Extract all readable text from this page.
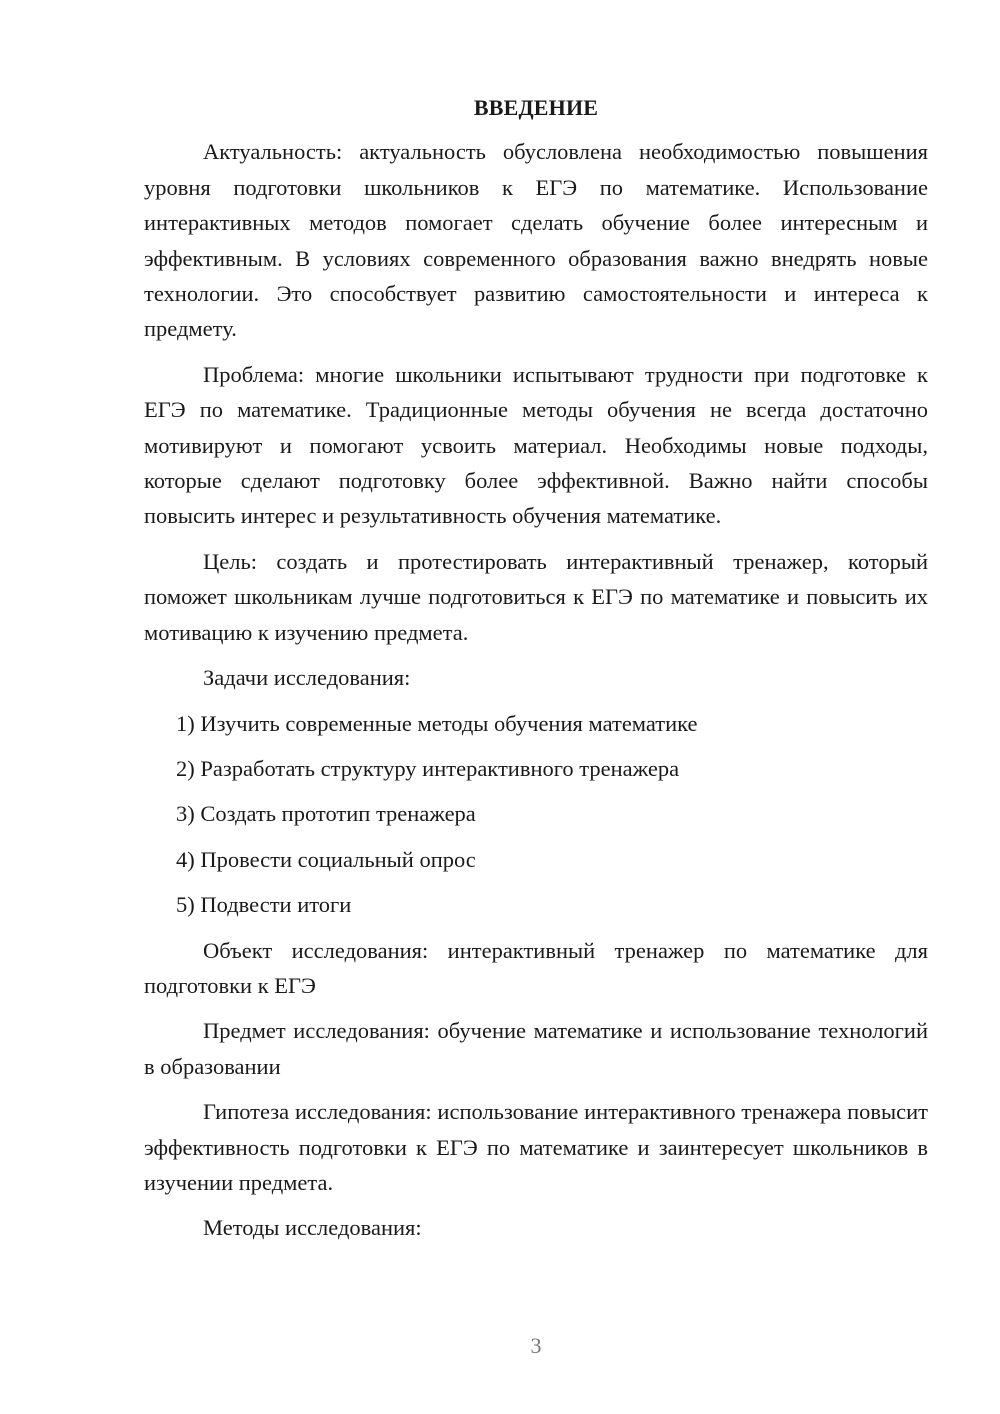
ВВЕДЕНИЕ

Актуальность: актуальность обусловлена необходимостью повышения уровня подготовки школьников к ЕГЭ по математике. Использование интерактивных методов помогает сделать обучение более интересным и эффективным. В условиях современного образования важно внедрять новые технологии. Это способствует развитию самостоятельности и интереса к предмету.

Проблема: многие школьники испытывают трудности при подготовке к ЕГЭ по математике. Традиционные методы обучения не всегда достаточно мотивируют и помогают усвоить материал. Необходимы новые подходы, которые сделают подготовку более эффективной. Важно найти способы повысить интерес и результативность обучения математике.

Цель: создать и протестировать интерактивный тренажер, который поможет школьникам лучше подготовиться к ЕГЭ по математике и повысить их мотивацию к изучению предмета.

Задачи исследования:

1) Изучить современные методы обучения математике
2) Разработать структуру интерактивного тренажера
3) Создать прототип тренажера
4) Провести социальный опрос
5) Подвести итоги

Объект исследования: интерактивный тренажер по математике для подготовки к ЕГЭ

Предмет исследования: обучение математике и использование технологий в образовании

Гипотеза исследования: использование интерактивного тренажера повысит эффективность подготовки к ЕГЭ по математике и заинтересует школьников в изучении предмета.

Методы исследования:

3
